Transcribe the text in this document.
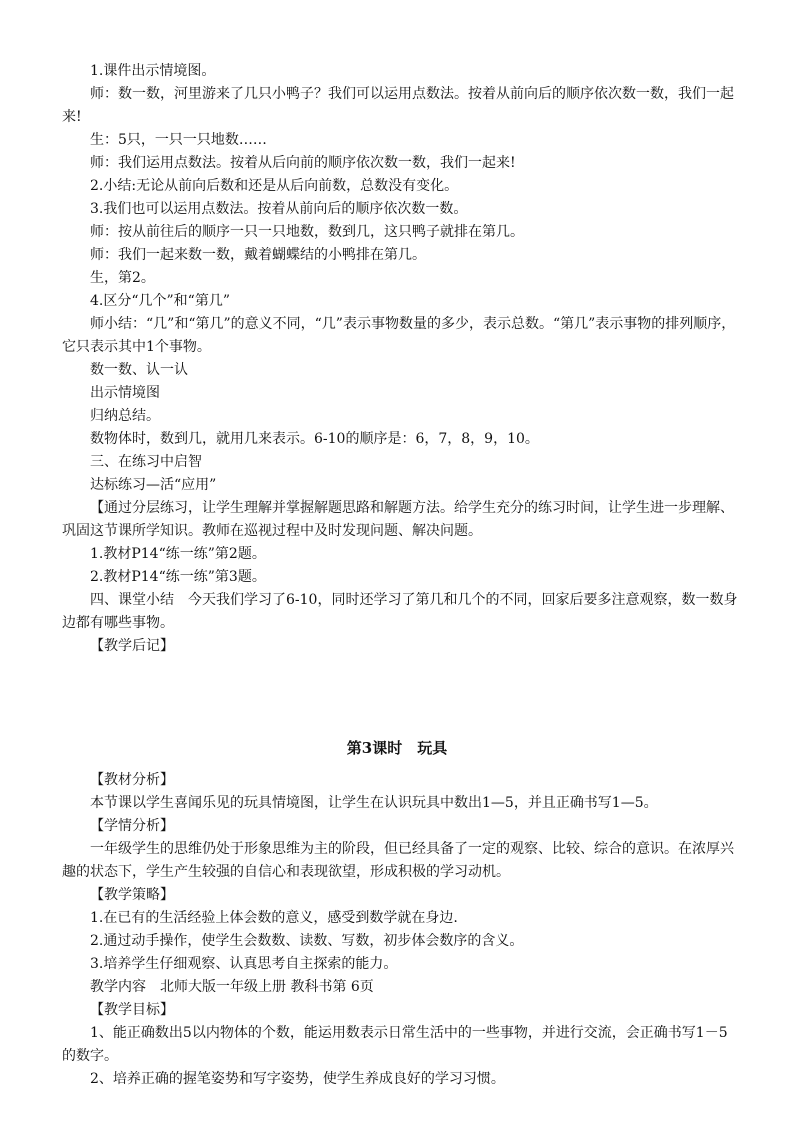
1.课件出示情境图。

师：数一数，河里游来了几只小鸭子？我们可以运用点数法。按着从前向后的顺序依次数一数，我们一起来!

生：5只，一只一只地数……

师：我们运用点数法。按着从后向前的顺序依次数一数，我们一起来!

2.小结:无论从前向后数和还是从后向前数，总数没有变化。

3.我们也可以运用点数法。按着从前向后的顺序依次数一数。

师：按从前往后的顺序一只一只地数，数到几，这只鸭子就排在第几。

师：我们一起来数一数，戴着蝴蝶结的小鸭排在第几。

生，第2。

4.区分“几个”和“第几”

师小结：“几”和“第几”的意义不同，“几”表示事物数量的多少，表示总数。“第几”表示事物的排列顺序，它只表示其中1个事物。

数一数、认一认

出示情境图

归纳总结。

数物体时，数到几，就用几来表示。6-10的顺序是：6，7，8，9，10。

三、在练习中启智

达标练习—活“应用”

【通过分层练习，让学生理解并掌握解题思路和解题方法。给学生充分的练习时间，让学生进一步理解、巩固这节课所学知识。教师在巡视过程中及时发现问题、解决问题。

1.教材P14“练一练”第2题。

2.教材P14“练一练”第3题。

四、课堂小结　今天我们学习了6-10，同时还学习了第几和几个的不同，回家后要多注意观察，数一数身边都有哪些事物。

【教学后记】

第3课时　玩具

【教材分析】

本节课以学生喜闻乐见的玩具情境图，让学生在认识玩具中数出1—5，并且正确书写1—5。

【学情分析】

一年级学生的思维仍处于形象思维为主的阶段，但已经具备了一定的观察、比较、综合的意识。在浓厚兴趣的状态下，学生产生较强的自信心和表现欲望，形成积极的学习动机。

【教学策略】

1.在已有的生活经验上体会数的意义，感受到数学就在身边.

2.通过动手操作，使学生会数数、读数、写数，初步体会数序的含义。

3.培养学生仔细观察、认真思考自主探索的能力。

教学内容　北师大版一年级上册 教科书第 6页

【教学目标】

1、能正确数出5以内物体的个数，能运用数表示日常生活中的一些事物，并进行交流，会正确书写1－5的数字。

2、培养正确的握笔姿势和写字姿势，使学生养成良好的学习习惯。
